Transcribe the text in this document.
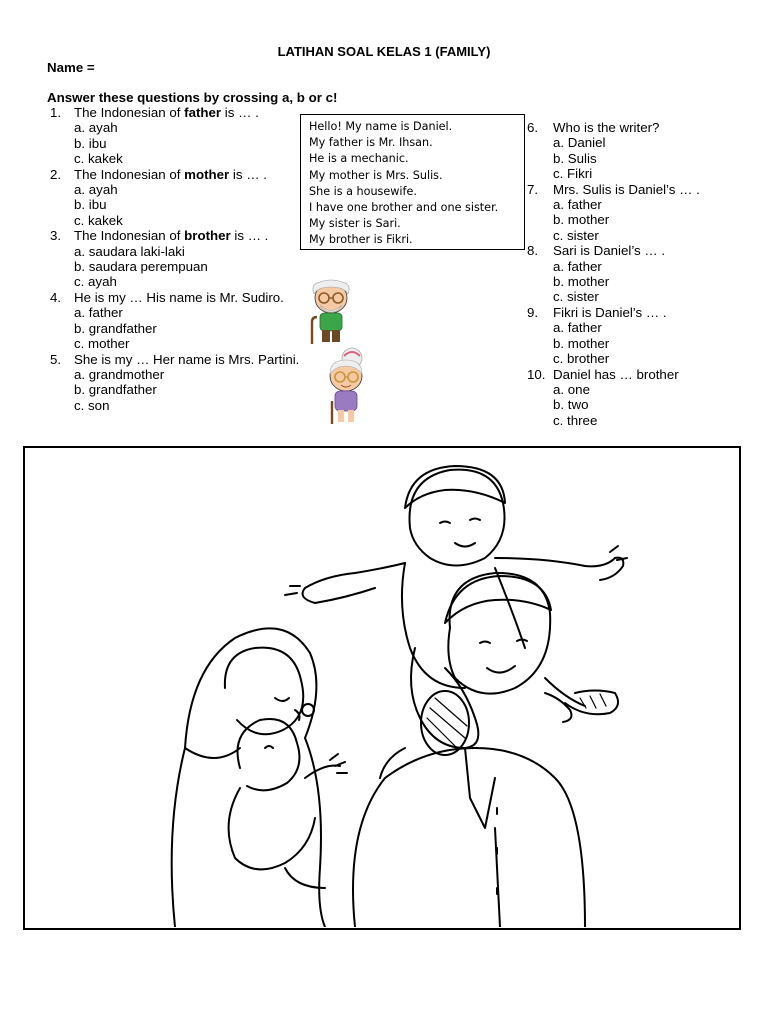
LATIHAN SOAL KELAS 1 (FAMILY)
Name =
Answer these questions by crossing a, b or c!
1. The Indonesian of father is … .
a. ayah
b. ibu
c. kakek
2. The Indonesian of mother is … .
a. ayah
b. ibu
c. kakek
3. The Indonesian of brother is … .
a. saudara laki-laki
b. saudara perempuan
c. ayah
4. He is my … His name is Mr. Sudiro.
a. father
b. grandfather
c. mother
5. She is my … Her name is Mrs. Partini.
a. grandmother
b. grandfather
c. son
Hello! My name is Daniel.
My father is Mr. Ihsan.
He is a mechanic.
My mother is Mrs. Sulis.
She is a housewife.
I have one brother and one sister.
My sister is Sari.
My brother is Fikri.
6. Who is the writer?
a. Daniel
b. Sulis
c. Fikri
7. Mrs. Sulis is Daniel’s … .
a. father
b. mother
c. sister
8. Sari is Daniel’s … .
a. father
b. mother
c. sister
9. Fikri is Daniel’s … .
a. father
b. mother
c. brother
10. Daniel has … brother
a. one
b. two
c. three
